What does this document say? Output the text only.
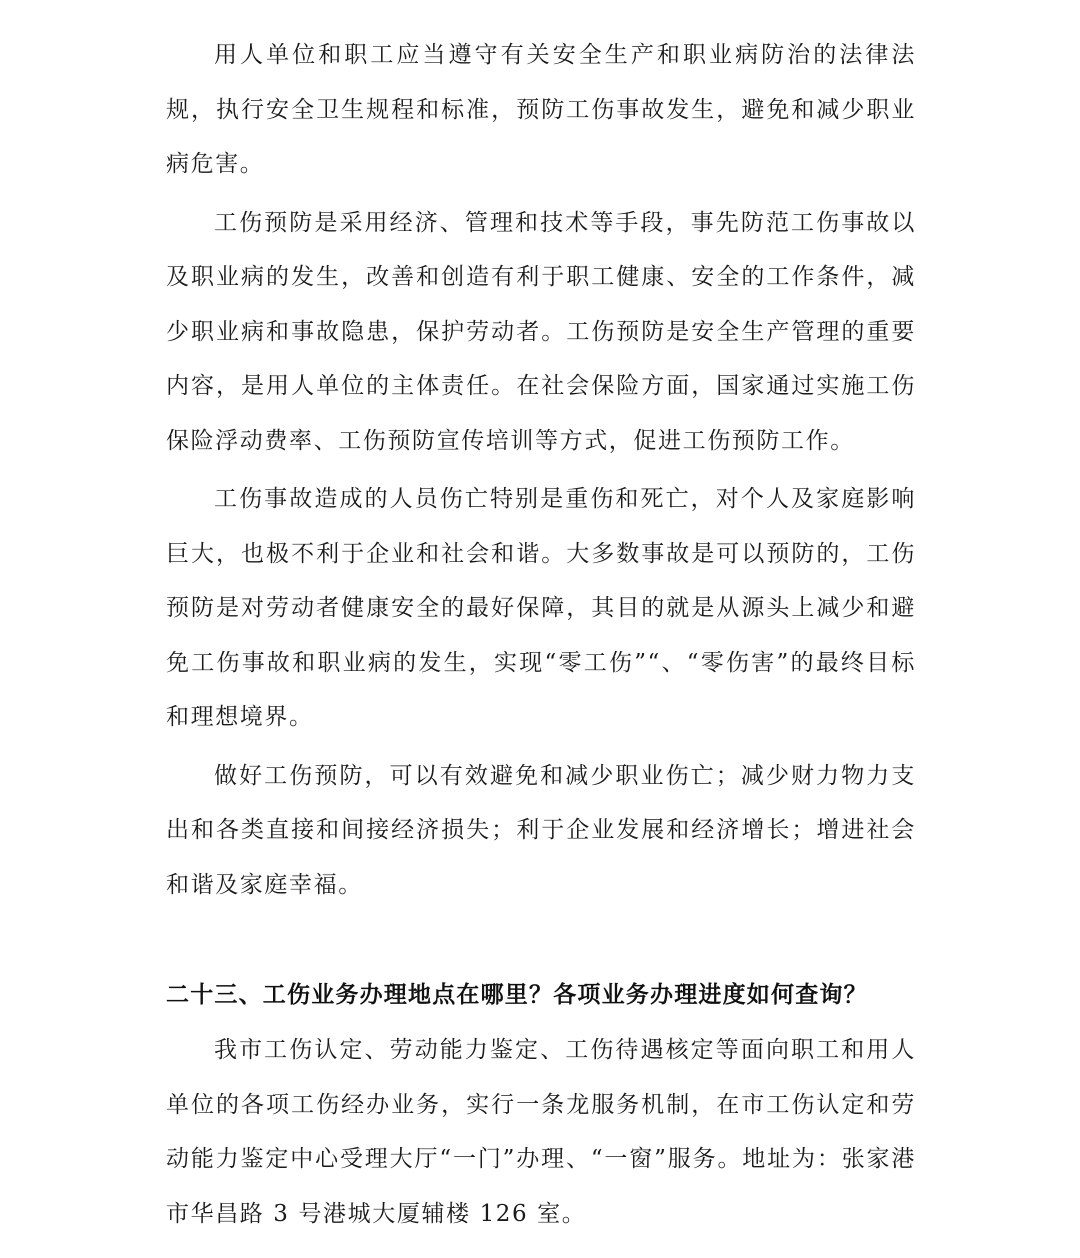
用人单位和职工应当遵守有关安全生产和职业病防治的法律法规，执行安全卫生规程和标准，预防工伤事故发生，避免和减少职业病危害。

工伤预防是采用经济、管理和技术等手段，事先防范工伤事故以及职业病的发生，改善和创造有利于职工健康、安全的工作条件，减少职业病和事故隐患，保护劳动者。工伤预防是安全生产管理的重要内容，是用人单位的主体责任。在社会保险方面，国家通过实施工伤保险浮动费率、工伤预防宣传培训等方式，促进工伤预防工作。

工伤事故造成的人员伤亡特别是重伤和死亡，对个人及家庭影响巨大，也极不利于企业和社会和谐。大多数事故是可以预防的，工伤预防是对劳动者健康安全的最好保障，其目的就是从源头上减少和避免工伤事故和职业病的发生，实现“零工伤”“、“零伤害”的最终目标和理想境界。

做好工伤预防，可以有效避免和减少职业伤亡；减少财力物力支出和各类直接和间接经济损失；利于企业发展和经济增长；增进社会和谐及家庭幸福。

二十三、工伤业务办理地点在哪里？各项业务办理进度如何查询？

我市工伤认定、劳动能力鉴定、工伤待遇核定等面向职工和用人单位的各项工伤经办业务，实行一条龙服务机制，在市工伤认定和劳动能力鉴定中心受理大厅“一门”办理、“一窗”服务。地址为：张家港市华昌路 3 号港城大厦辅楼 126 室。
